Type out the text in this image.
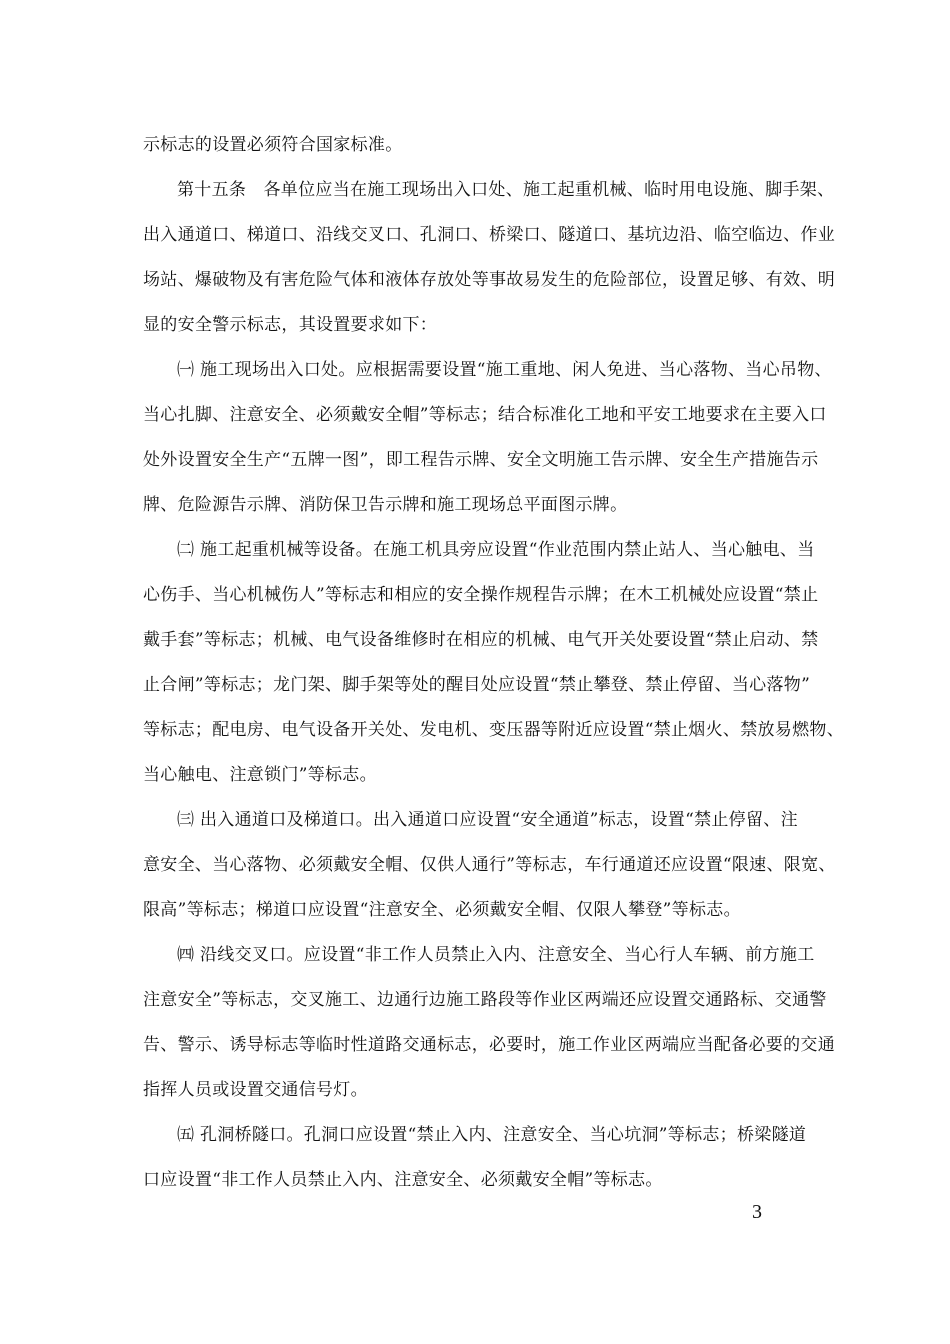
示标志的设置必须符合国家标准。
第十五条　各单位应当在施工现场出入口处、施工起重机械、临时用电设施、脚手架、
出入通道口、梯道口、沿线交叉口、孔洞口、桥梁口、隧道口、基坑边沿、临空临边、作业
场站、爆破物及有害危险气体和液体存放处等事故易发生的危险部位，设置足够、有效、明
显的安全警示标志，其设置要求如下：
㈠ 施工现场出入口处。应根据需要设置“施工重地、闲人免进、当心落物、当心吊物、
当心扎脚、注意安全、必须戴安全帽”等标志；结合标准化工地和平安工地要求在主要入口
处外设置安全生产“五牌一图”，即工程告示牌、安全文明施工告示牌、安全生产措施告示
牌、危险源告示牌、消防保卫告示牌和施工现场总平面图示牌。
㈡ 施工起重机械等设备。在施工机具旁应设置“作业范围内禁止站人、当心触电、当
心伤手、当心机械伤人”等标志和相应的安全操作规程告示牌；在木工机械处应设置“禁止
戴手套”等标志；机械、电气设备维修时在相应的机械、电气开关处要设置“禁止启动、禁
止合闸”等标志；龙门架、脚手架等处的醒目处应设置“禁止攀登、禁止停留、当心落物”
等标志；配电房、电气设备开关处、发电机、变压器等附近应设置“禁止烟火、禁放易燃物、
当心触电、注意锁门”等标志。
㈢ 出入通道口及梯道口。出入通道口应设置“安全通道”标志，设置“禁止停留、注
意安全、当心落物、必须戴安全帽、仅供人通行”等标志，车行通道还应设置“限速、限宽、
限高”等标志；梯道口应设置“注意安全、必须戴安全帽、仅限人攀登”等标志。
㈣ 沿线交叉口。应设置“非工作人员禁止入内、注意安全、当心行人车辆、前方施工
注意安全”等标志，交叉施工、边通行边施工路段等作业区两端还应设置交通路标、交通警
告、警示、诱导标志等临时性道路交通标志，必要时，施工作业区两端应当配备必要的交通
指挥人员或设置交通信号灯。
㈤ 孔洞桥隧口。孔洞口应设置“禁止入内、注意安全、当心坑洞”等标志；桥梁隧道
口应设置“非工作人员禁止入内、注意安全、必须戴安全帽”等标志。
3
